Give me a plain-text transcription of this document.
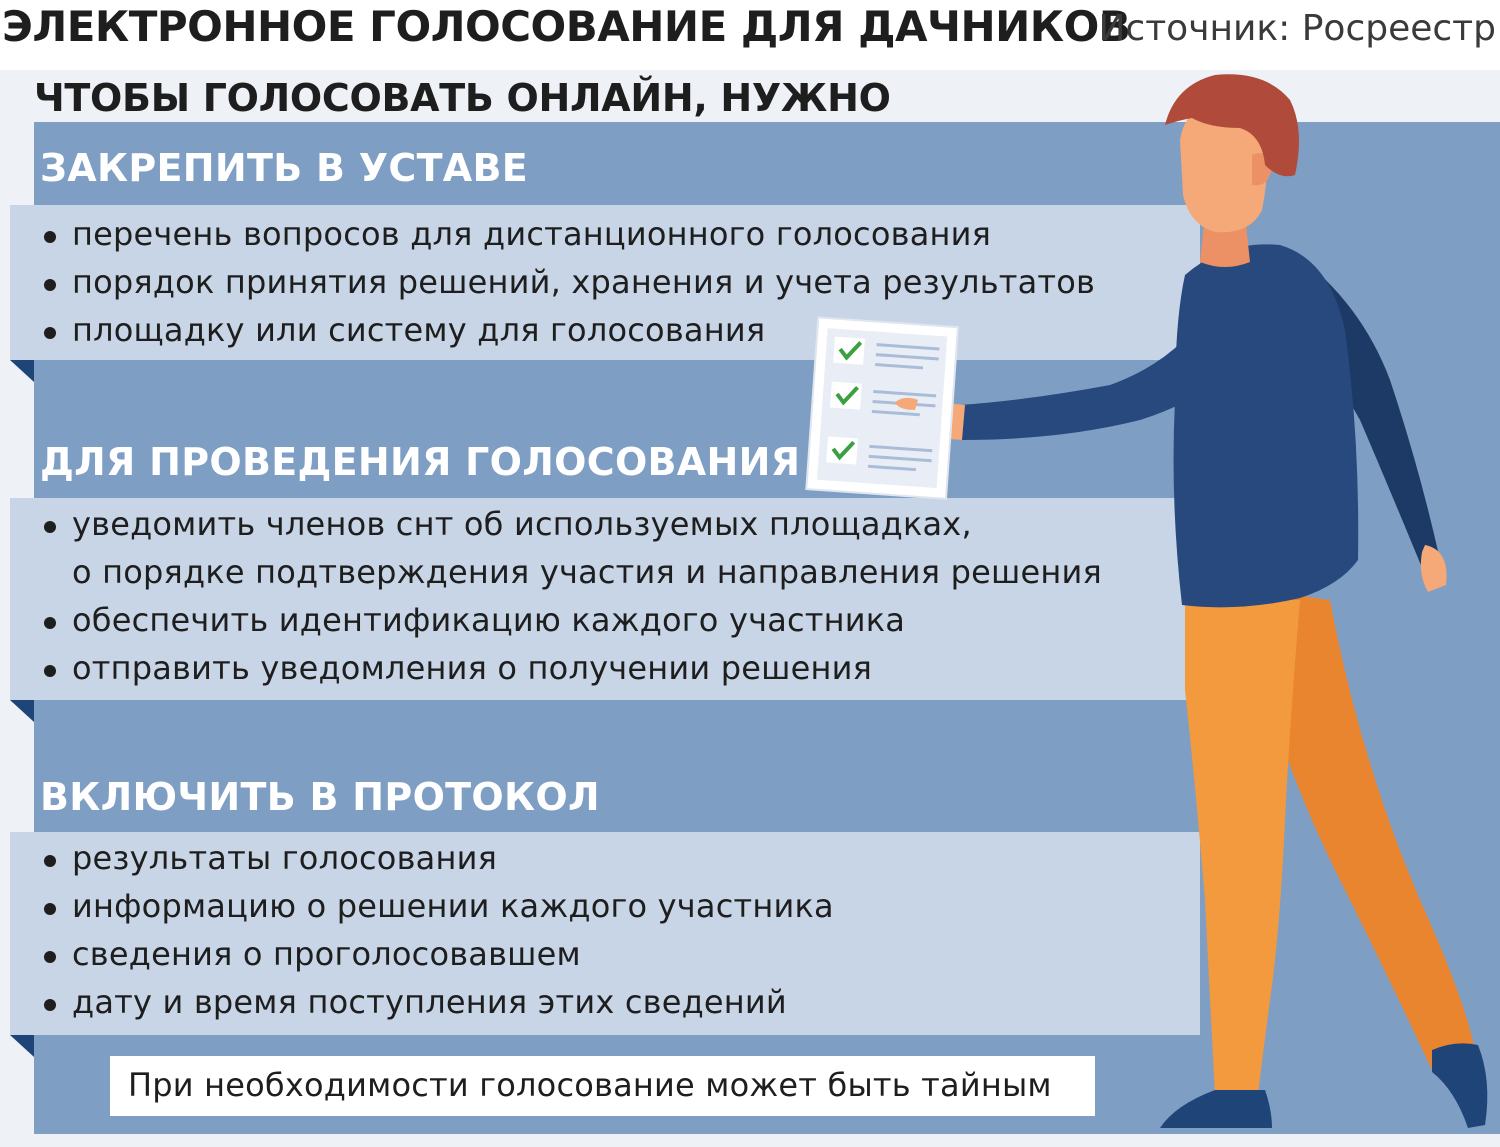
ЭЛЕКТРОННОЕ ГОЛОСОВАНИЕ ДЛЯ ДАЧНИКОВ
Источник: Росреестр
ЧТОБЫ ГОЛОСОВАТЬ ОНЛАЙН, НУЖНО
ЗАКРЕПИТЬ В УСТАВЕ
перечень вопросов для дистанционного голосования
порядок принятия решений, хранения и учета результатов
площадку или систему для голосования
ДЛЯ ПРОВЕДЕНИЯ ГОЛОСОВАНИЯ
уведомить членов снт об используемых площадках,
о порядке подтверждения участия и направления решения
обеспечить идентификацию каждого участника
отправить уведомления о получении решения
ВКЛЮЧИТЬ В ПРОТОКОЛ
результаты голосования
информацию о решении каждого участника
сведения о проголосовавшем
дату и время поступления этих сведений
При необходимости голосование может быть тайным
